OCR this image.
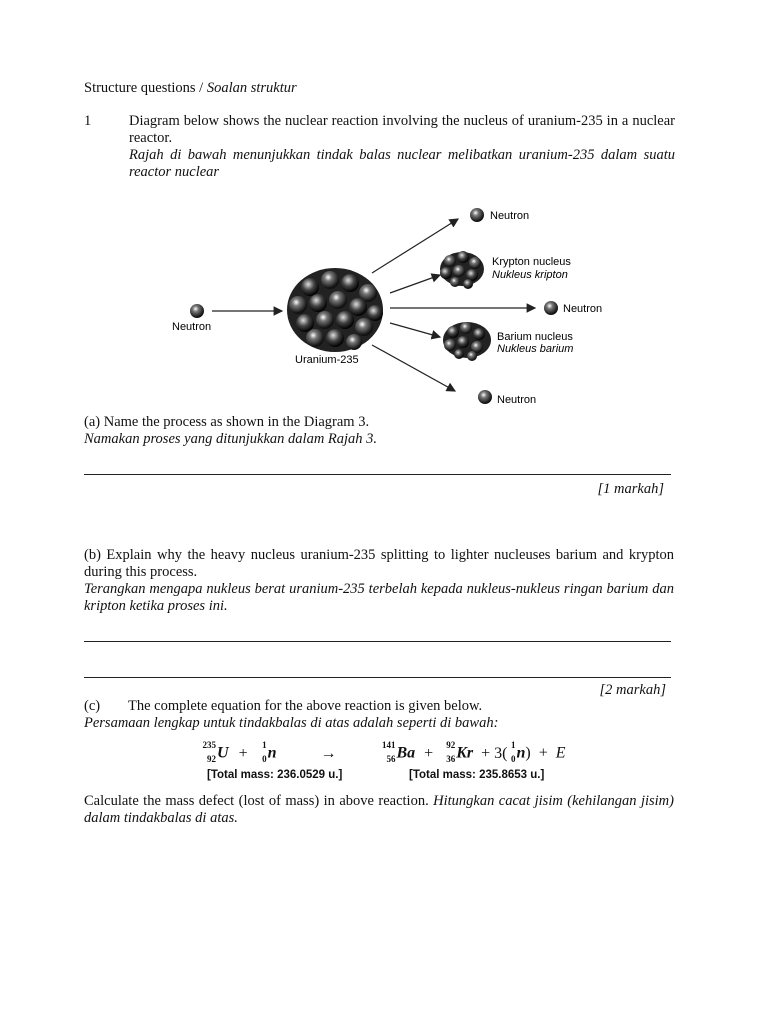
Structure questions / Soalan struktur
1	Diagram below shows the nuclear reaction involving the nucleus of uranium-235 in a nuclear reactor.
Rajah di bawah menunjukkan tindak balas nuclear melibatkan uranium-235 dalam suatu reactor nuclear
Neutron
Uranium-235
Neutron
Krypton nucleus
Nukleus kripton
Neutron
Barium nucleus
Nukleus barium
Neutron
(a) Name the process as shown in the Diagram 3.
Namakan proses yang ditunjukkan dalam Rajah 3.
[1 markah]
(b) Explain why the heavy nucleus uranium-235 splitting to lighter nucleuses barium and krypton during this process.
Terangkan mengapa nukleus berat uranium-235 terbelah kepada nukleus-nukleus ringan barium dan kripton ketika proses ini.
[2 markah]
(c) The complete equation for the above reaction is given below.
Persamaan lengkap untuk tindakbalas di atas adalah seperti di bawah:
235
92 U + 1
0 n	→	141
56 Ba + 92
36 Kr + 3( 1
0 n)  +  E
[Total mass: 236.0529 u.]	[Total mass: 235.8653 u.]
Calculate the mass defect (lost of mass) in above reaction. Hitungkan cacat jisim (kehilangan jisim) dalam tindakbalas di atas.
